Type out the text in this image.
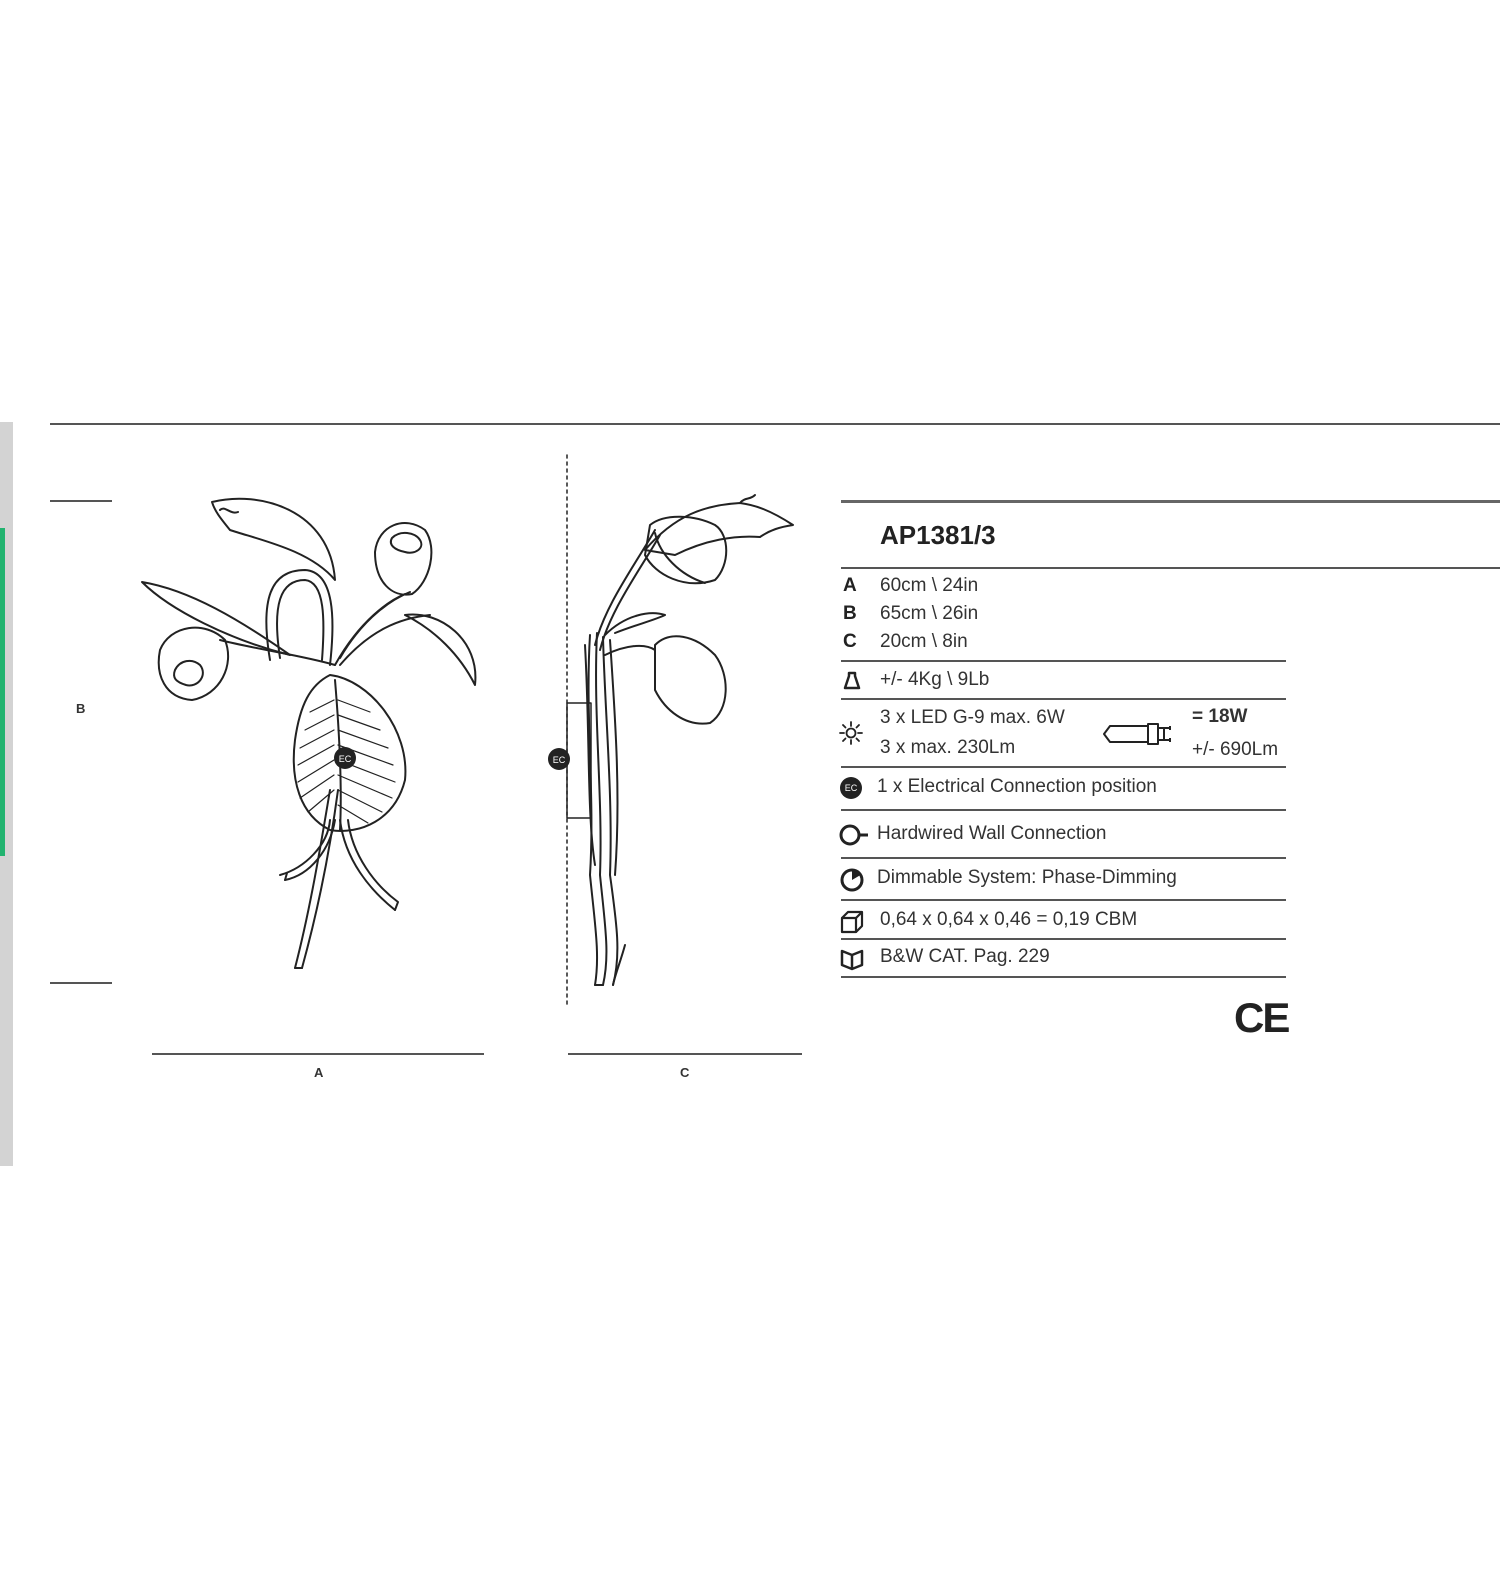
B
EC
A
EC
C
AP1381/3
A 60cm \ 24in
B 65cm \ 26in
C 20cm \ 8in
+/- 4Kg \ 9Lb
3 x LED G-9 max. 6W
3 x max. 230Lm
= 18W
+/- 690Lm
EC 1 x Electrical Connection position
Hardwired Wall Connection
Dimmable System: Phase-Dimming
0,64 x 0,64 x 0,46 = 0,19 CBM
B&W CAT. Pag. 229
CE
